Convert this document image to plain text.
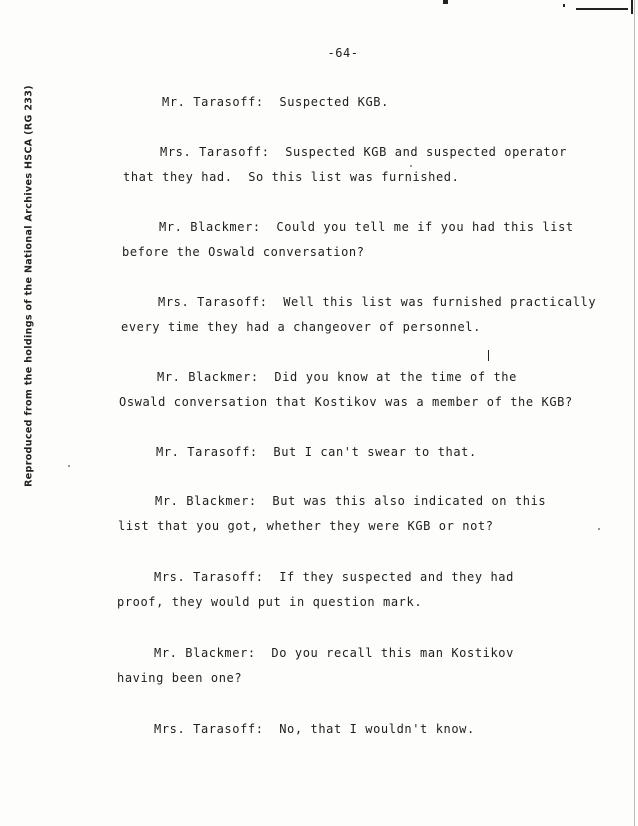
-64-
Reproduced from the holdings of the National Archives HSCA (RG 233)	Mr. Tarasoff: Suspected KGB.
Mrs. Tarasoff: Suspected KGB and suspected operator
that they had.  So this list was furnished.
Mr. Blackmer: Could you tell me if you had this list
before the Oswald conversation?
Mrs. Tarasoff: Well this list was furnished practically
every time they had a changeover of personnel.
Mr. Blackmer: Did you know at the time of the
Oswald conversation that Kostikov was a member of the KGB?
Mr. Tarasoff: But I can't swear to that.
Mr. Blackmer: But was this also indicated on this
list that you got, whether they were KGB or not?
Mrs. Tarasoff: If they suspected and they had
proof, they would put in question mark.
Mr. Blackmer: Do you recall this man Kostikov
having been one?
Mrs. Tarasoff: No, that I wouldn't know.
